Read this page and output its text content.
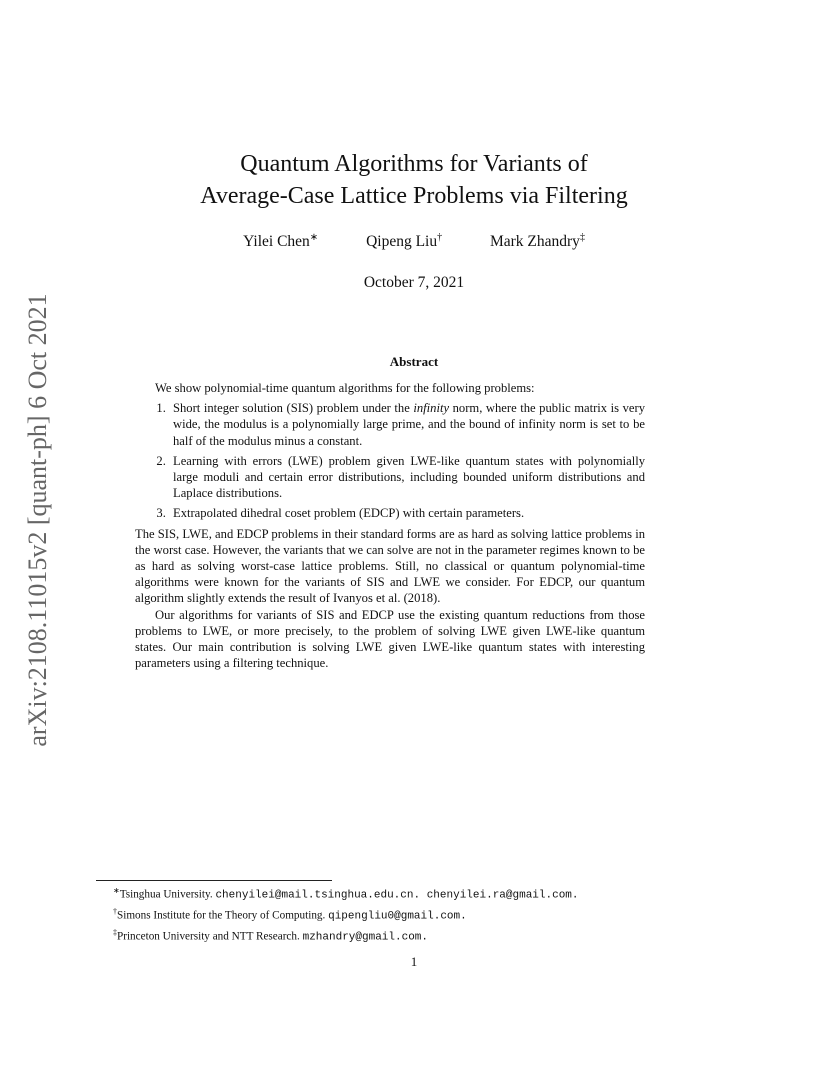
arXiv:2108.11015v2 [quant-ph] 6 Oct 2021
Quantum Algorithms for Variants of
Average-Case Lattice Problems via Filtering
Yilei Chen∗	Qipeng Liu†	Mark Zhandry‡
October 7, 2021
Abstract

We show polynomial-time quantum algorithms for the following problems:

1. Short integer solution (SIS) problem under the infinity norm, where the public matrix is very wide, the modulus is a polynomially large prime, and the bound of infinity norm is set to be half of the modulus minus a constant.
2. Learning with errors (LWE) problem given LWE-like quantum states with polynomially large moduli and certain error distributions, including bounded uniform distributions and Laplace distributions.
3. Extrapolated dihedral coset problem (EDCP) with certain parameters.

The SIS, LWE, and EDCP problems in their standard forms are as hard as solving lattice problems in the worst case. However, the variants that we can solve are not in the parameter regimes known to be as hard as solving worst-case lattice problems. Still, no classical or quantum polynomial-time algorithms were known for the variants of SIS and LWE we consider. For EDCP, our quantum algorithm slightly extends the result of Ivanyos et al. (2018).

Our algorithms for variants of SIS and EDCP use the existing quantum reductions from those problems to LWE, or more precisely, to the problem of solving LWE given LWE-like quantum states. Our main contribution is solving LWE given LWE-like quantum states with interesting parameters using a filtering technique.

∗Tsinghua University. chenyilei@mail.tsinghua.edu.cn. chenyilei.ra@gmail.com.
†Simons Institute for the Theory of Computing. qipengliu0@gmail.com.
‡Princeton University and NTT Research. mzhandry@gmail.com.
1
